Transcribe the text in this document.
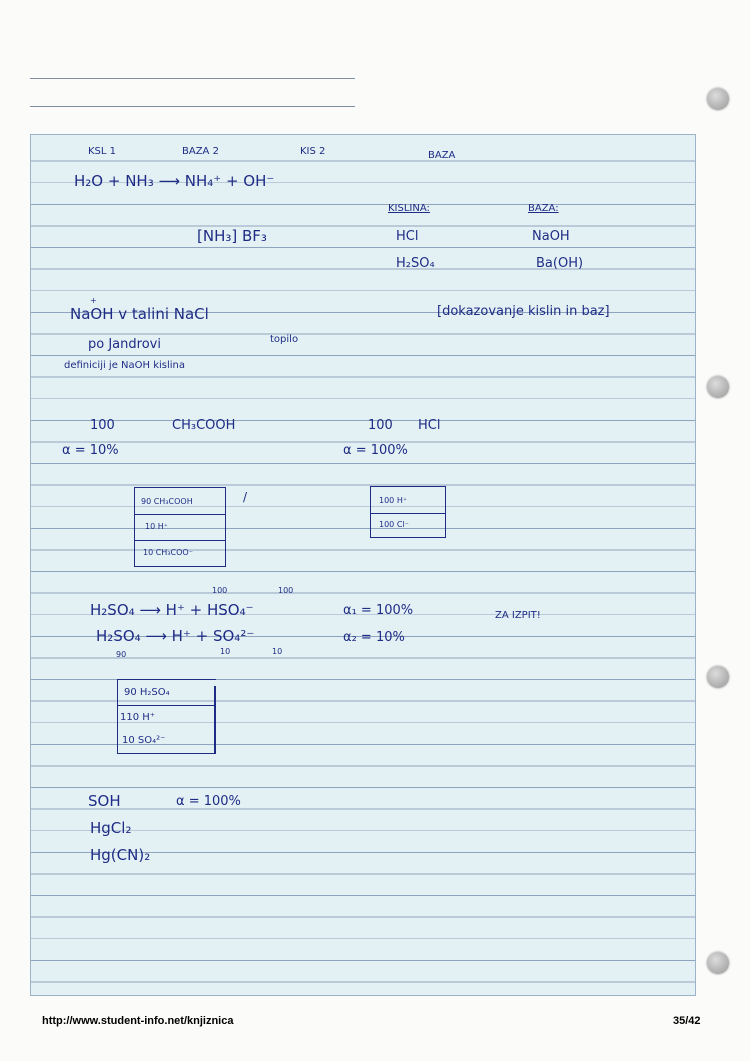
KSL 1	BAZA 2	KIS 2	BAZA
H₂O + NH₃ ⟶ NH₄⁺ + OH⁻
KISLINA:	BAZA:
[NH₃] BF₃	HCl	NaOH
H₂SO₄	Ba(OH)
+
NaOH v talini NaCl	[dokazovanje kislin in baz]
topilo
po Jandrovi
definiciji je NaOH kislina
100	CH₃COOH
α = 10%
100 HCl
α = 100%
90 CH₃COOH
10 H⁺
10 CH₃COO⁻
/	100 H⁺
100 Cl⁻
100	100
H₂SO₄ ⟶ H⁺ + HSO₄⁻	α₁ = 100%	ZA IZPIT!
H₂SO₄ ⟶ H⁺ + SO₄²⁻	α₂ = 10%
90	10	10
90 H₂SO₄
110 H⁺
10 SO₄²⁻
SOH	α = 100%
HgCl₂
Hg(CN)₂
http://www.student-info.net/knjiznica	35/42
